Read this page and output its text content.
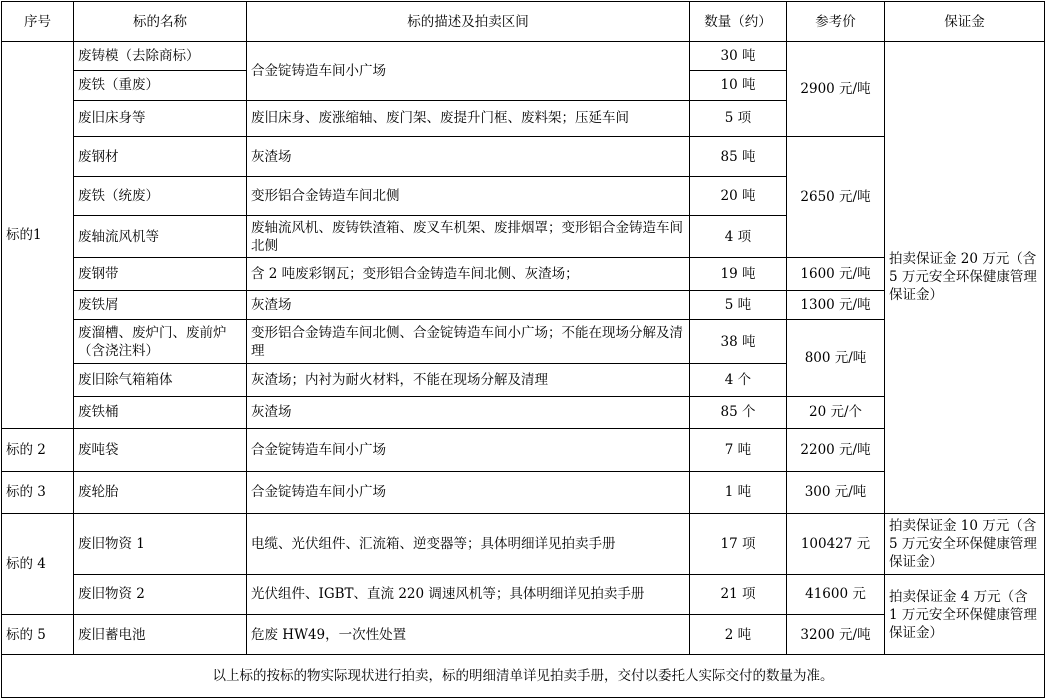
序号	标的名称	标的描述及拍卖区间	数量（约）	参考价	保证金
标的1	废铸模（去除商标）	合金锭铸造车间小广场	30 吨	2900 元/吨	拍卖保证金 20 万元（含 5 万元安全环保健康管理保证金）
	废铁（重废）		10 吨		
	废旧床身等	废旧床身、废涨缩轴、废门架、废提升门框、废料架；压延车间	5 项		
	废钢材	灰渣场	85 吨	2650 元/吨	
	废铁（统废）	变形铝合金铸造车间北侧	20 吨		
	废轴流风机等	废轴流风机、废铸铁渣箱、废叉车机架、废排烟罩；变形铝合金铸造车间北侧	4 项		
	废钢带	含 2 吨废彩钢瓦；变形铝合金铸造车间北侧、灰渣场；	19 吨	1600 元/吨	
	废铁屑	灰渣场	5 吨	1300 元/吨	
	废溜槽、废炉门、废前炉（含浇注料）	变形铝合金铸造车间北侧、合金锭铸造车间小广场；不能在现场分解及清理	38 吨	800 元/吨	
	废旧除气箱箱体	灰渣场；内衬为耐火材料，不能在现场分解及清理	4 个		
	废铁桶	灰渣场	85 个	20 元/个	
标的 2	废吨袋	合金锭铸造车间小广场	7 吨	2200 元/吨	
标的 3	废轮胎	合金锭铸造车间小广场	1 吨	300 元/吨	
标的 4	废旧物资 1	电缆、光伏组件、汇流箱、逆变器等；具体明细详见拍卖手册	17 项	100427 元	拍卖保证金 10 万元（含 5 万元安全环保健康管理保证金）
	废旧物资 2	光伏组件、IGBT、直流 220 调速风机等；具体明细详见拍卖手册	21 项	41600 元	拍卖保证金 4 万元（含 1 万元安全环保健康管理保证金）
标的 5	废旧蓄电池	危废 HW49，一次性处置	2 吨	3200 元/吨	
以上标的按标的物实际现状进行拍卖，标的明细清单详见拍卖手册，交付以委托人实际交付的数量为准。					
